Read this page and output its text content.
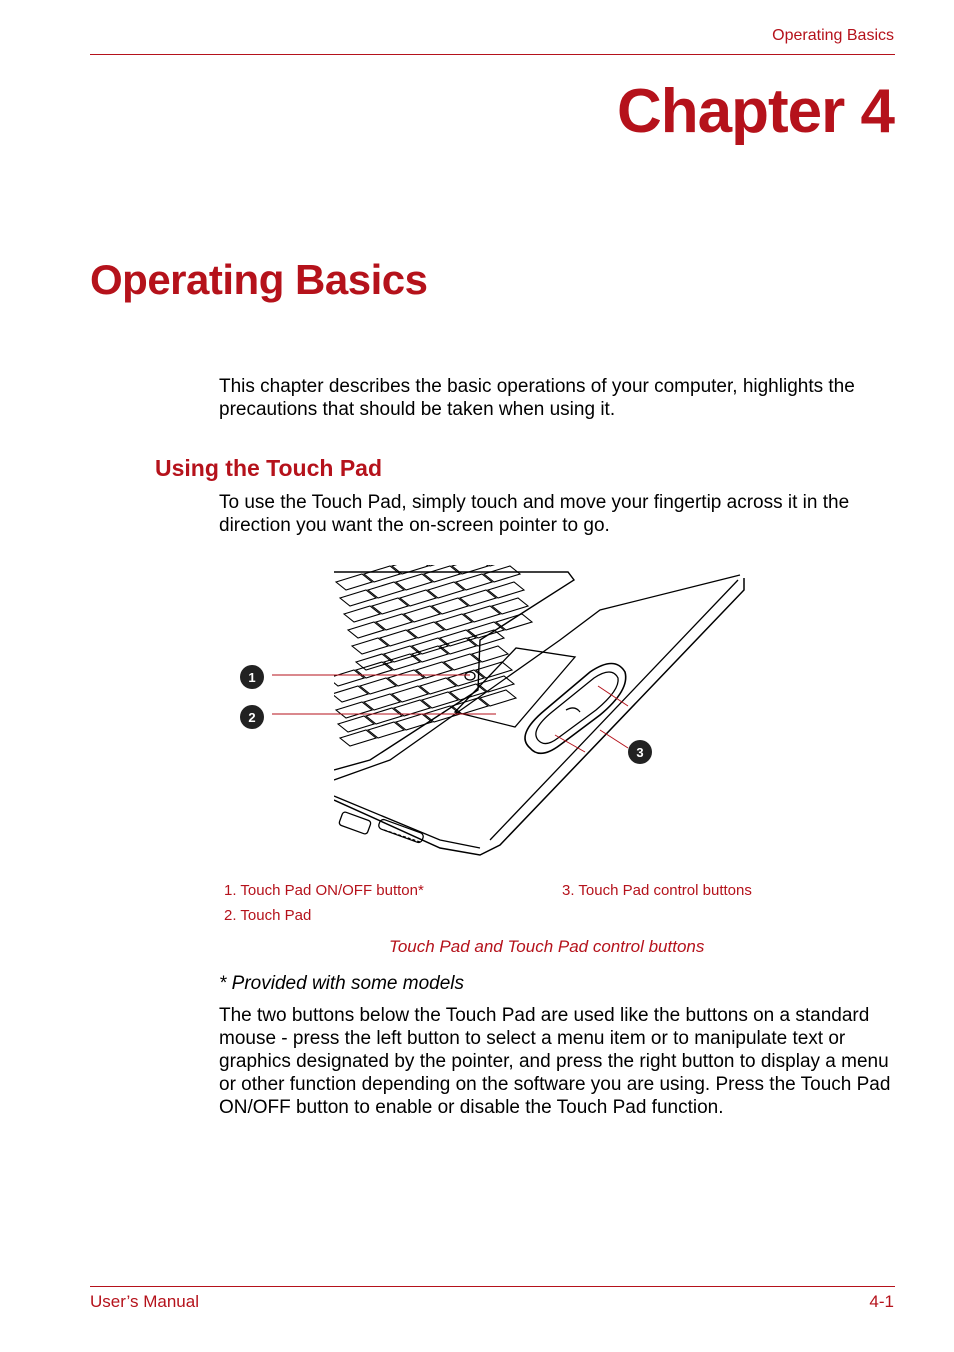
Operating Basics
Chapter 4
Operating Basics
This chapter describes the basic operations of your computer, highlights the precautions that should be taken when using it.
Using the Touch Pad
To use the Touch Pad, simply touch and move your fingertip across it in the direction you want the on-screen pointer to go.
1
2
3
1. Touch Pad ON/OFF button*
2. Touch Pad
3. Touch Pad control buttons
Touch Pad and Touch Pad control buttons
* Provided with some models
The two buttons below the Touch Pad are used like the buttons on a standard mouse - press the left button to select a menu item or to manipulate text or graphics designated by the pointer, and press the right button to display a menu or other function depending on the software you are using. Press the Touch Pad ON/OFF button to enable or disable the Touch Pad function.
User’s Manual	4-1
